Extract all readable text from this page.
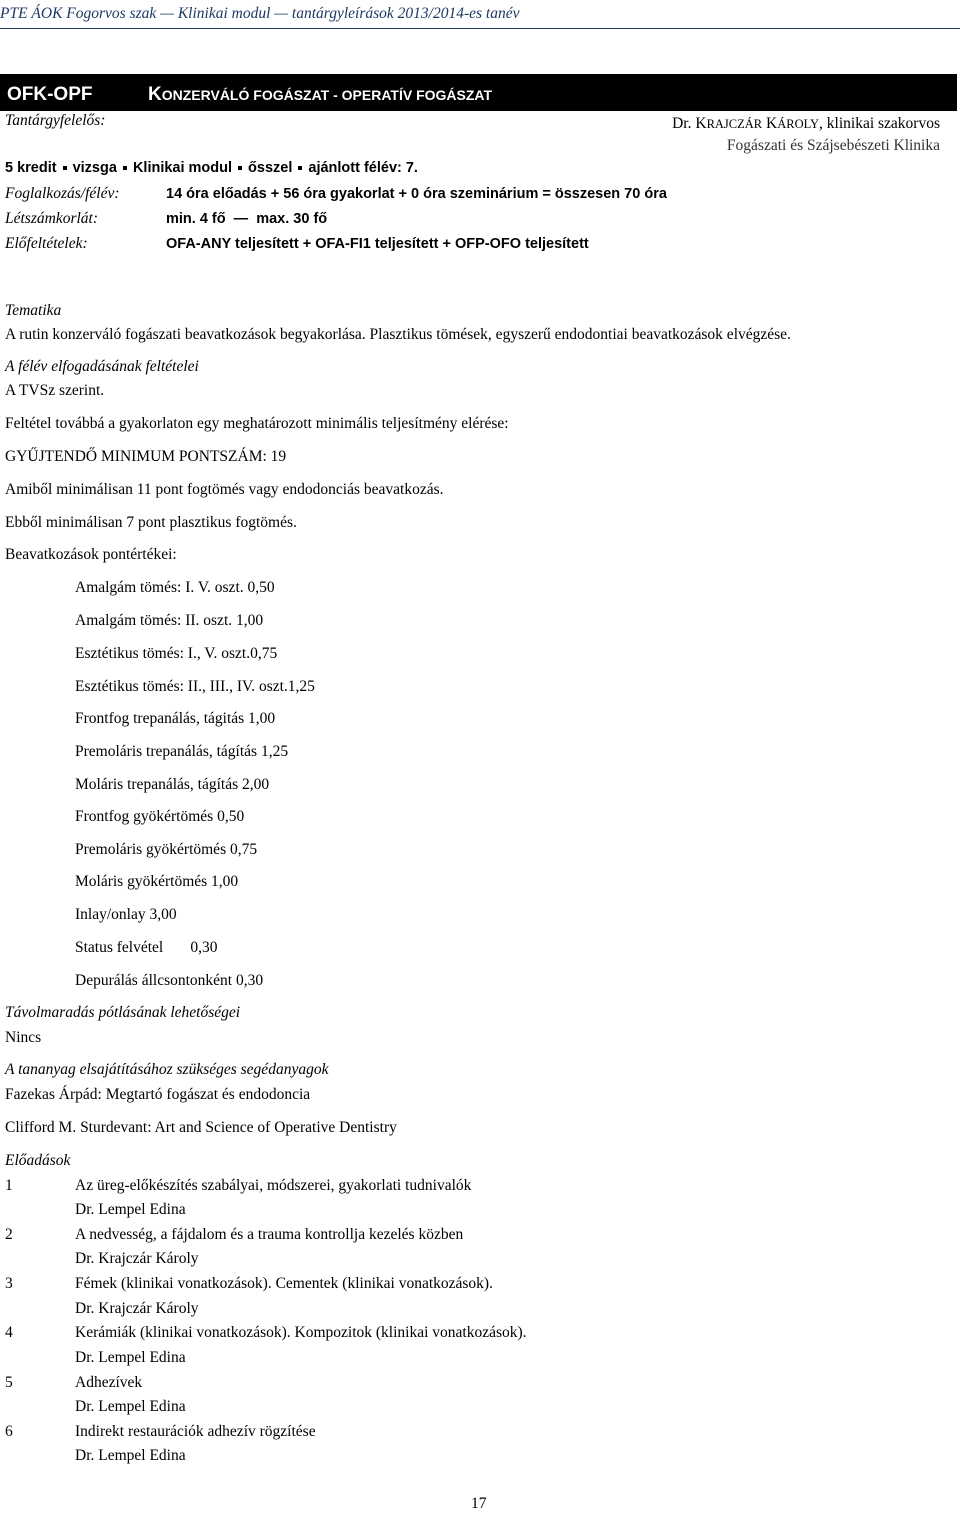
PTE ÁOK Fogorvos szak — Klinikai modul — tantárgyleírások 2013/2014-es tanév
OFK-OPF	KONZERVÁLÓ FOGÁSZAT - OPERATÍV FOGÁSZAT
Tantárgyfelelős:	Dr. KRAJCZÁR KÁROLY, klinikai szakorvos
Fogászati és Szájsebészeti Klinika
5 kredit vizsga Klinikai modul ősszel ajánlott félév: 7.
Foglalkozás/félév:	14 óra előadás + 56 óra gyakorlat + 0 óra szeminárium = összesen 70 óra
Létszámkorlát:	min. 4 fő  —  max. 30 fő
Előfeltételek:	OFA-ANY teljesített + OFA-FI1 teljesített + OFP-OFO teljesített
Tematika
A rutin konzerváló fogászati beavatkozások begyakorlása. Plasztikus tömések, egyszerű endodontiai beavatkozások elvégzése.
A félév elfogadásának feltételei
A TVSz szerint.
Feltétel továbbá a gyakorlaton egy meghatározott minimális teljesítmény elérése:
GYŰJTENDŐ MINIMUM PONTSZÁM: 19
Amiből minimálisan 11 pont fogtömés vagy endodonciás beavatkozás.
Ebből minimálisan 7 pont plasztikus fogtömés.
Beavatkozások pontértékei:
Amalgám tömés: I. V. oszt. 0,50
Amalgám tömés: II. oszt. 1,00
Esztétikus tömés: I., V. oszt.0,75
Esztétikus tömés: II., III., IV. oszt.1,25
Frontfog trepanálás, tágitás 1,00
Premoláris trepanálás, tágítás 1,25
Moláris trepanálás, tágítás 2,00
Frontfog gyökértömés 0,50
Premoláris gyökértömés 0,75
Moláris gyökértömés 1,00
Inlay/onlay 3,00
Status felvétel       0,30
Depurálás állcsontonként 0,30
Távolmaradás pótlásának lehetőségei
Nincs
A tananyag elsajátításához szükséges segédanyagok
Fazekas Árpád: Megtartó fogászat és endodoncia
Clifford M. Sturdevant: Art and Science of Operative Dentistry
Előadások
1	Az üreg-előkészítés szabályai, módszerei, gyakorlati tudnivalók
Dr. Lempel Edina
2	A nedvesség, a fájdalom és a trauma kontrollja kezelés közben
Dr. Krajczár Károly
3	Fémek (klinikai vonatkozások). Cementek (klinikai vonatkozások).
Dr. Krajczár Károly
4	Kerámiák (klinikai vonatkozások). Kompozitok (klinikai vonatkozások).
Dr. Lempel Edina
5	Adhezívek
Dr. Lempel Edina
6	Indirekt restaurációk adhezív rögzítése
Dr. Lempel Edina
17
